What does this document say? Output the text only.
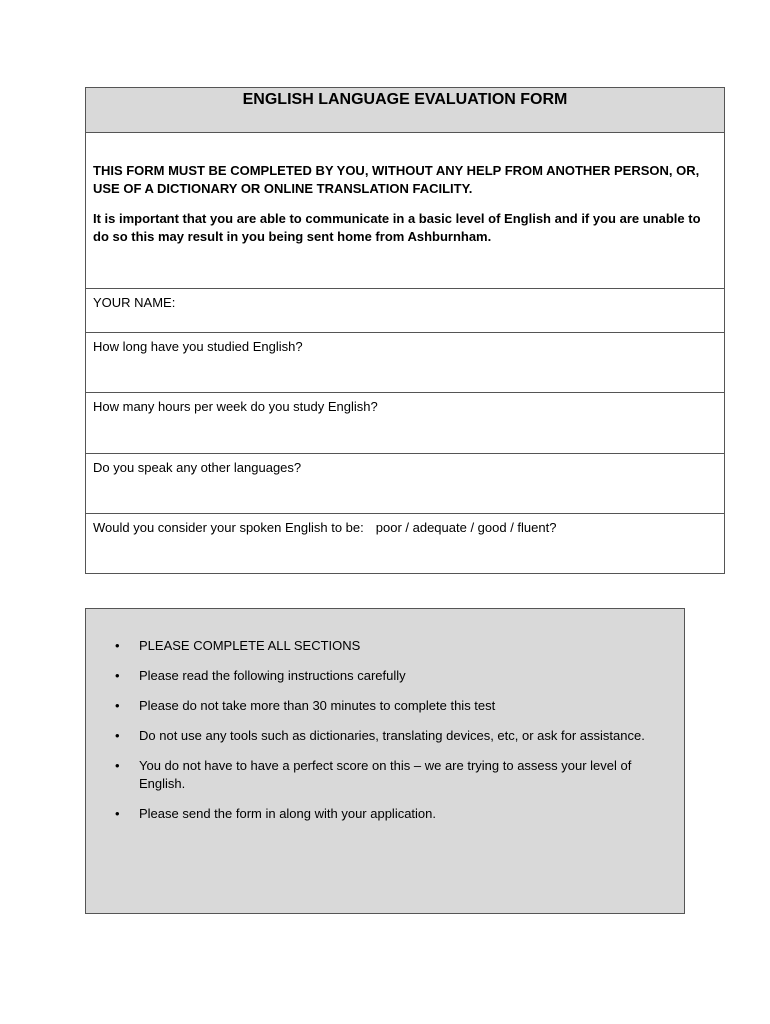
ENGLISH LANGUAGE EVALUATION FORM

THIS FORM MUST BE COMPLETED BY YOU, WITHOUT ANY HELP FROM ANOTHER PERSON, OR, USE OF A DICTIONARY OR ONLINE TRANSLATION FACILITY.

It is important that you are able to communicate in a basic level of English and if you are unable to do so this may result in you being sent home from Ashburnham.

YOUR NAME:
How long have you studied English?
How many hours per week do you study English?
Do you speak any other languages?
Would you consider your spoken English to be: poor / adequate / good / fluent?
• PLEASE COMPLETE ALL SECTIONS
• Please read the following instructions carefully
• Please do not take more than 30 minutes to complete this test
• Do not use any tools such as dictionaries, translating devices, etc, or ask for assistance.
• You do not have to have a perfect score on this – we are trying to assess your level of English.
• Please send the form in along with your application.
